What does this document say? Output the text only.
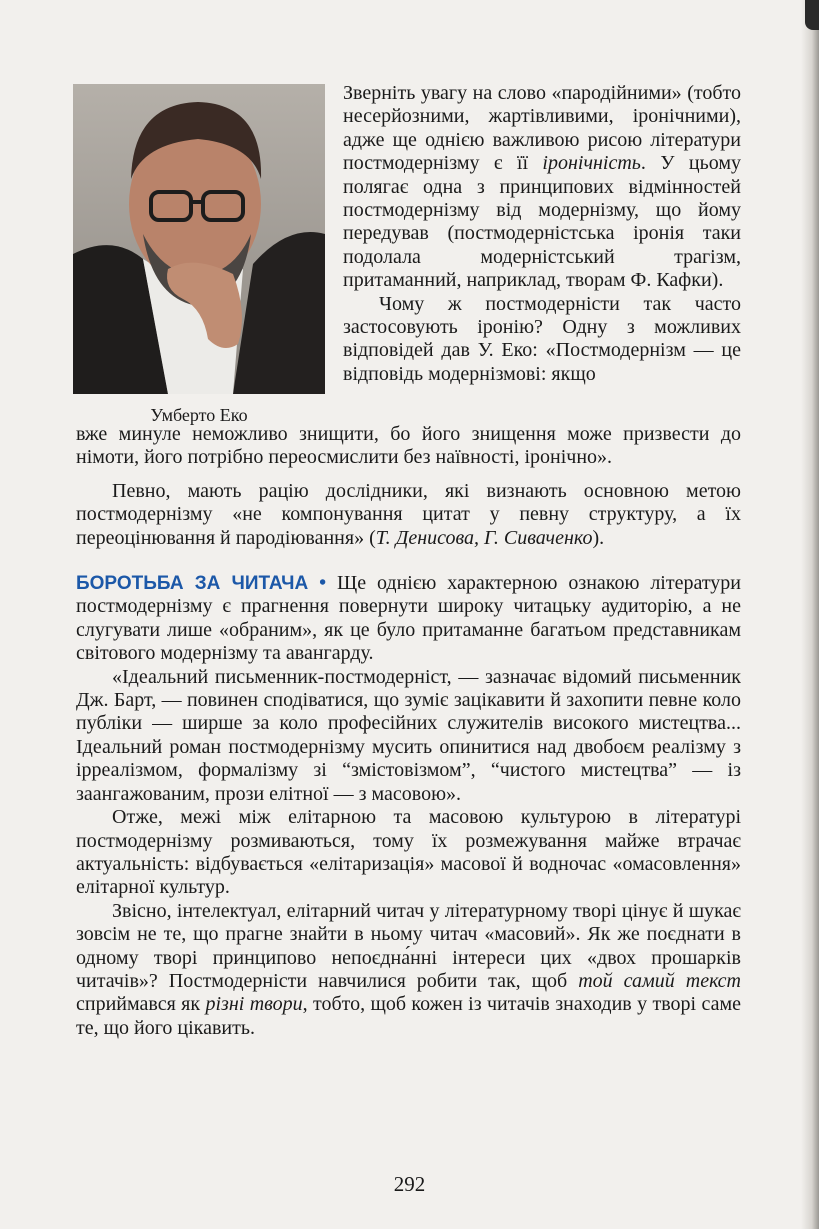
Умберто Еко

Зверніть увагу на слово «пародійними» (тобто несерйозними, жартівливими, іронічними), адже ще однією важливою рисою літератури постмодернізму є її іронічність. У цьому полягає одна з принципових відмінностей постмодернізму від модернізму, що йому передував (постмодерністська іронія таки подолала модерністський трагізм, притаманний, наприклад, творам Ф. Кафки).

Чому ж постмодерністи так часто застосовують іронію? Одну з можливих відповідей дав У. Еко: «Постмодернізм — це відповідь модернізмові: якщо

вже минуле неможливо знищити, бо його знищення може призвести до німоти, його потрібно переосмислити без наївності, іронічно».

Певно, мають рацію дослідники, які визнають основною метою постмодернізму «не компонування цитат у певну структуру, а їх переоцінювання й пародіювання» (Т. Денисова, Г. Сиваченко).

БОРОТЬБА ЗА ЧИТАЧА • Ще однією характерною ознакою літератури постмодернізму є прагнення повернути широку читацьку аудиторію, а не слугувати лише «обраним», як це було притаманне багатьом представникам світового модернізму та авангарду.

«Ідеальний письменник-постмодерніст, — зазначає відомий письменник Дж. Барт, — повинен сподіватися, що зуміє зацікавити й захопити певне коло публіки — ширше за коло професійних служителів високого мистецтва... Ідеальний роман постмодернізму мусить опинитися над двобоєм реалізму з ірреалізмом, формалізму зі “змістовізмом”, “чистого мистецтва” — із заангажованим, прози елітної — з масовою».

Отже, межі між елітарною та масовою культурою в літературі постмодернізму розмиваються, тому їх розмежування майже втрачає актуальність: відбувається «елітаризація» масової й водночас «омасовлення» елітарної культур.

Звісно, інтелектуал, елітарний читач у літературному творі цінує й шукає зовсім не те, що прагне знайти в ньому читач «масовий». Як же поєднати в одному творі принципово непоєдна́нні інтереси цих «двох прошарків читачів»? Постмодерністи навчилися робити так, щоб той самий текст сприймався як різні твори, тобто, щоб кожен із читачів знаходив у творі саме те, що його цікавить.

292
